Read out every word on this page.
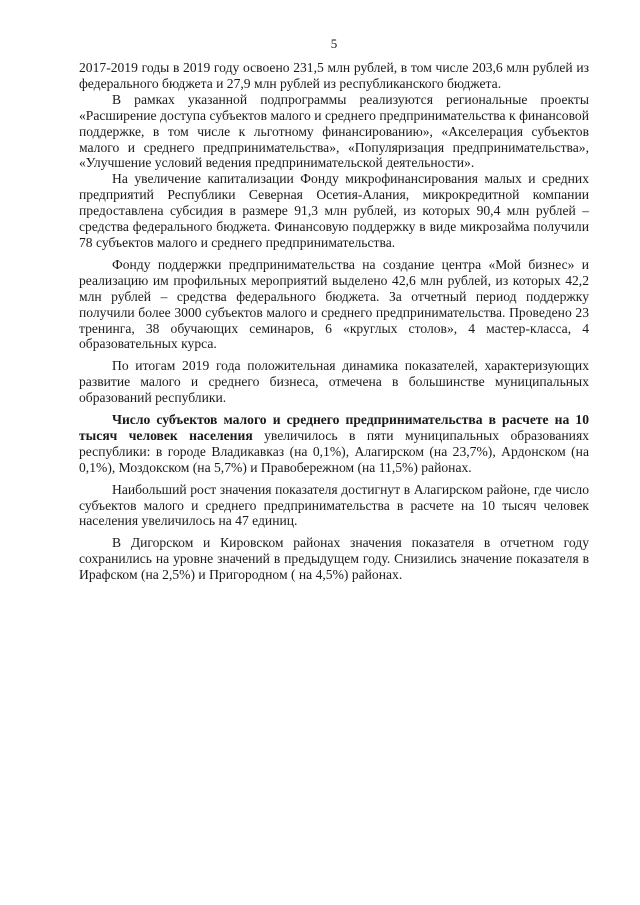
5

2017-2019 годы в 2019 году освоено 231,5 млн рублей, в том числе 203,6 млн рублей из федерального бюджета и 27,9 млн рублей из республиканского бюджета.

В рамках указанной подпрограммы реализуются региональные проекты «Расширение доступа субъектов малого и среднего предпринимательства к финансовой поддержке, в том числе к льготному финансированию», «Акселерация субъектов малого и среднего предпринимательства», «Популяризация предпринимательства», «Улучшение условий ведения предпринимательской деятельности».

На увеличение капитализации Фонду микрофинансирования малых и средних предприятий Республики Северная Осетия-Алания, микрокредитной компании предоставлена субсидия в размере 91,3 млн рублей, из которых 90,4 млн рублей – средства федерального бюджета. Финансовую поддержку в виде микрозайма получили 78 субъектов малого и среднего предпринимательства.

Фонду поддержки предпринимательства на создание центра «Мой бизнес» и реализацию им профильных мероприятий выделено 42,6 млн рублей, из которых 42,2 млн рублей – средства федерального бюджета. За отчетный период поддержку получили более 3000 субъектов малого и среднего предпринимательства. Проведено 23 тренинга, 38 обучающих семинаров, 6 «круглых столов», 4 мастер-класса, 4 образовательных курса.

По итогам 2019 года положительная динамика показателей, характеризующих развитие малого и среднего бизнеса, отмечена в большинстве муниципальных образований республики.

Число субъектов малого и среднего предпринимательства в расчете на 10 тысяч человек населения увеличилось в пяти муниципальных образованиях республики: в городе Владикавказ (на 0,1%), Алагирском (на 23,7%), Ардонском (на 0,1%), Моздокском (на 5,7%) и Правобережном (на 11,5%) районах.

Наибольший рост значения показателя достигнут в Алагирском районе, где число субъектов малого и среднего предпринимательства в расчете на 10 тысяч человек населения увеличилось на 47 единиц.

В Дигорском и Кировском районах значения показателя в отчетном году сохранились на уровне значений в предыдущем году. Снизились значение показателя в Ирафском (на 2,5%) и Пригородном ( на 4,5%) районах.
